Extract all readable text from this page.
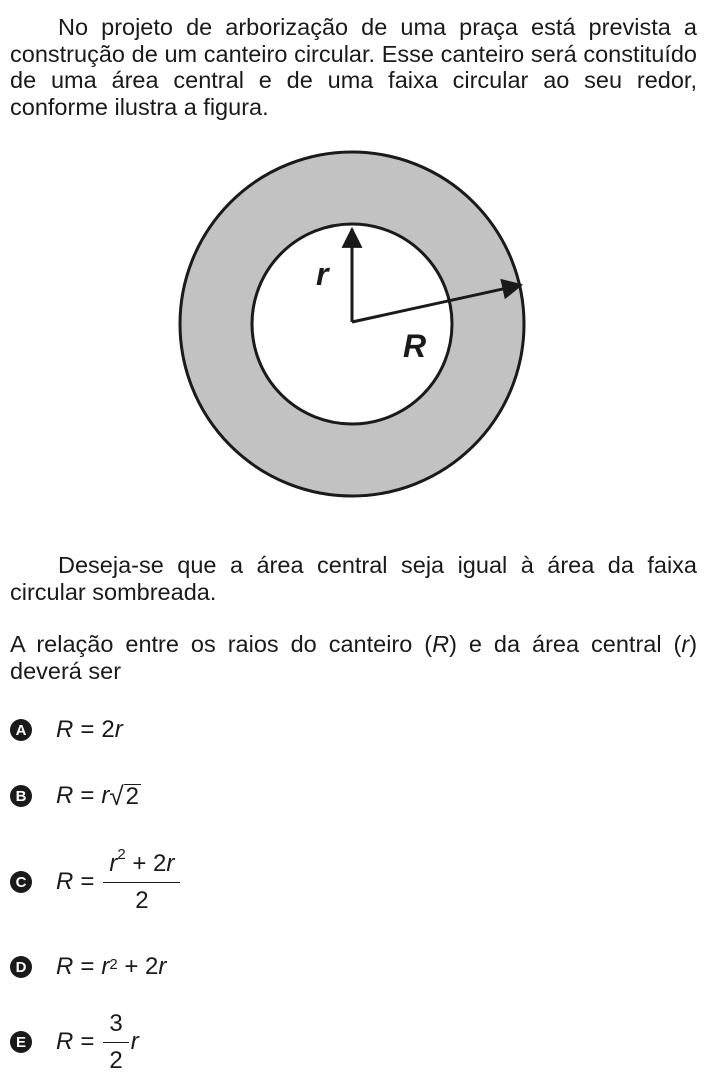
No projeto de arborização de uma praça está prevista a construção de um canteiro circular. Esse canteiro será constituído de uma área central e de uma faixa circular ao seu redor, conforme ilustra a figura.
r
R
Deseja-se que a área central seja igual à área da faixa circular sombreada.
A relação entre os raios do canteiro (R) e da área central (r) deverá ser
A R = 2 r
B R = r √ 2
C $R = \frac{r^2 + 2r}{2}$
D $R = r^2$
+ 2 r
E $R = \frac{3}{2}$ r
